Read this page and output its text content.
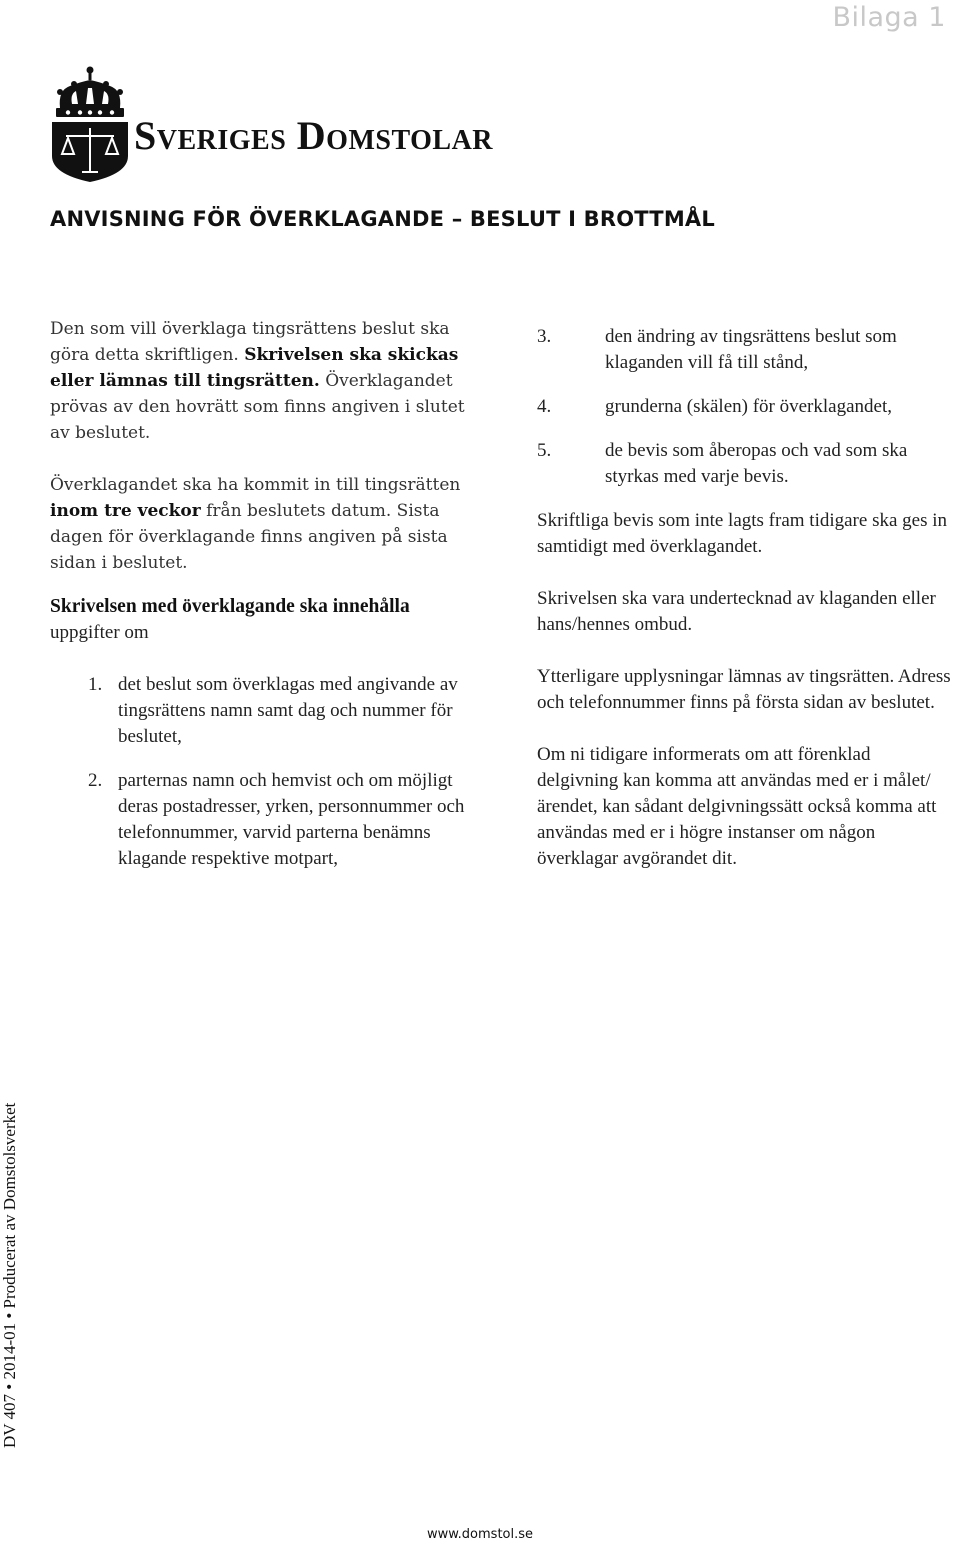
Bilaga 1
Sveriges Domstolar
ANVISNING FÖR ÖVERKLAGANDE – BESLUT I BROTTMÅL

Den som vill överklaga tingsrättens beslut ska göra detta skriftligen. Skrivelsen ska skickas eller lämnas till tingsrätten. Överklagandet prövas av den hovrätt som finns angiven i slutet av beslutet.

Överklagandet ska ha kommit in till tingsrätten inom tre veckor från beslutets datum. Sista dagen för överklagande finns angiven på sista sidan i beslutet.

Skrivelsen med överklagande ska innehålla uppgifter om

1. det beslut som överklagas med angivande av tingsrättens namn samt dag och nummer för beslutet,
2. parternas namn och hemvist och om möjligt deras postadresser, yrken, personnummer och telefonnummer, varvid parterna benämns klagande respektive motpart,
3.	den ändring av tingsrättens beslut som klaganden vill få till stånd,
4.	grunderna (skälen) för överklagandet,
5.	de bevis som åberopas och vad som ska styrkas med varje bevis.

Skriftliga bevis som inte lagts fram tidigare ska ges in samtidigt med överklagandet.

Skrivelsen ska vara undertecknad av klaganden eller hans/hennes ombud.

Ytterligare upplysningar lämnas av tingsrätten. Adress och telefonnummer finns på första sidan av beslutet.

Om ni tidigare informerats om att förenklad delgivning kan komma att användas med er i målet/ärendet, kan sådant delgivningssätt också komma att användas med er i högre instanser om någon överklagar avgörandet dit.

DV 407 • 2014-01 • Producerat av Domstolsverket
www.domstol.se
